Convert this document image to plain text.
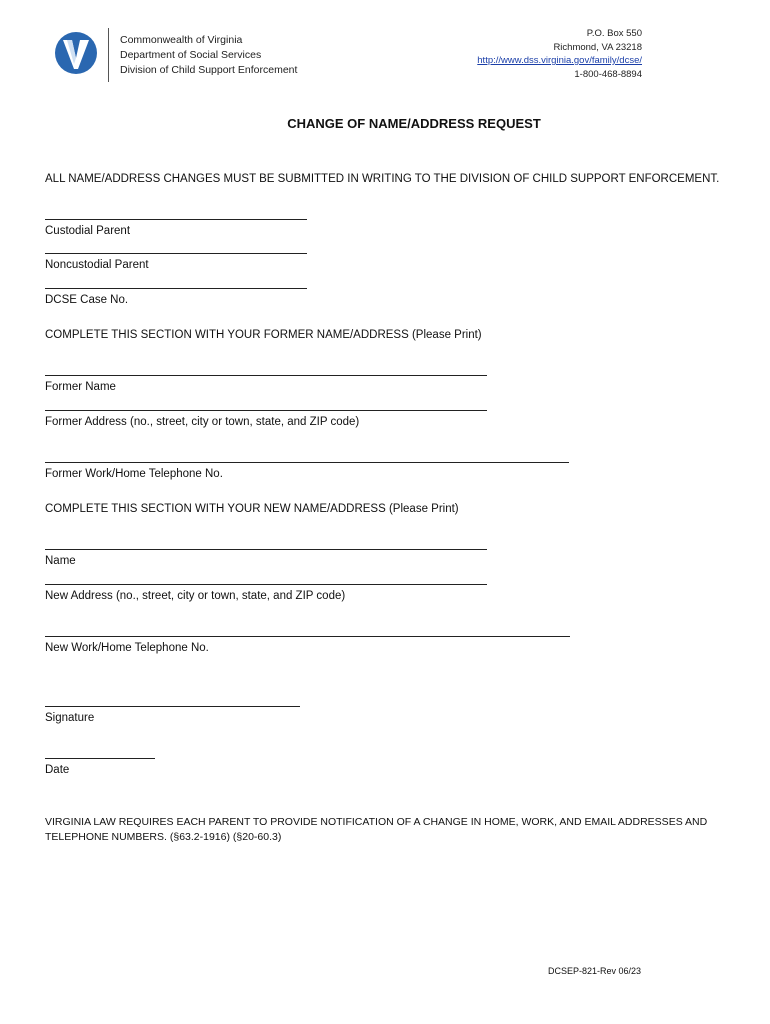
Commonwealth of Virginia
Department of Social Services
Division of Child Support Enforcement
P.O. Box 550
Richmond, VA 23218
http://www.dss.virginia.gov/family/dcse/
1-800-468-8894
CHANGE OF NAME/ADDRESS REQUEST
ALL NAME/ADDRESS CHANGES MUST BE SUBMITTED IN WRITING TO THE DIVISION OF CHILD SUPPORT ENFORCEMENT.
Custodial Parent
Noncustodial Parent
DCSE Case No.
COMPLETE THIS SECTION WITH YOUR FORMER NAME/ADDRESS (Please Print)
Former Name
Former Address (no., street, city or town, state, and ZIP code)
Former Work/Home Telephone No.
COMPLETE THIS SECTION WITH YOUR NEW NAME/ADDRESS (Please Print)
Name
New Address (no., street, city or town, state, and ZIP code)
New Work/Home Telephone No.
Signature
Date
VIRGINIA LAW REQUIRES EACH PARENT TO PROVIDE NOTIFICATION OF A CHANGE IN HOME, WORK, AND EMAIL ADDRESSES AND TELEPHONE NUMBERS. (§63.2-1916) (§20-60.3)
DCSEP-821-Rev 06/23
